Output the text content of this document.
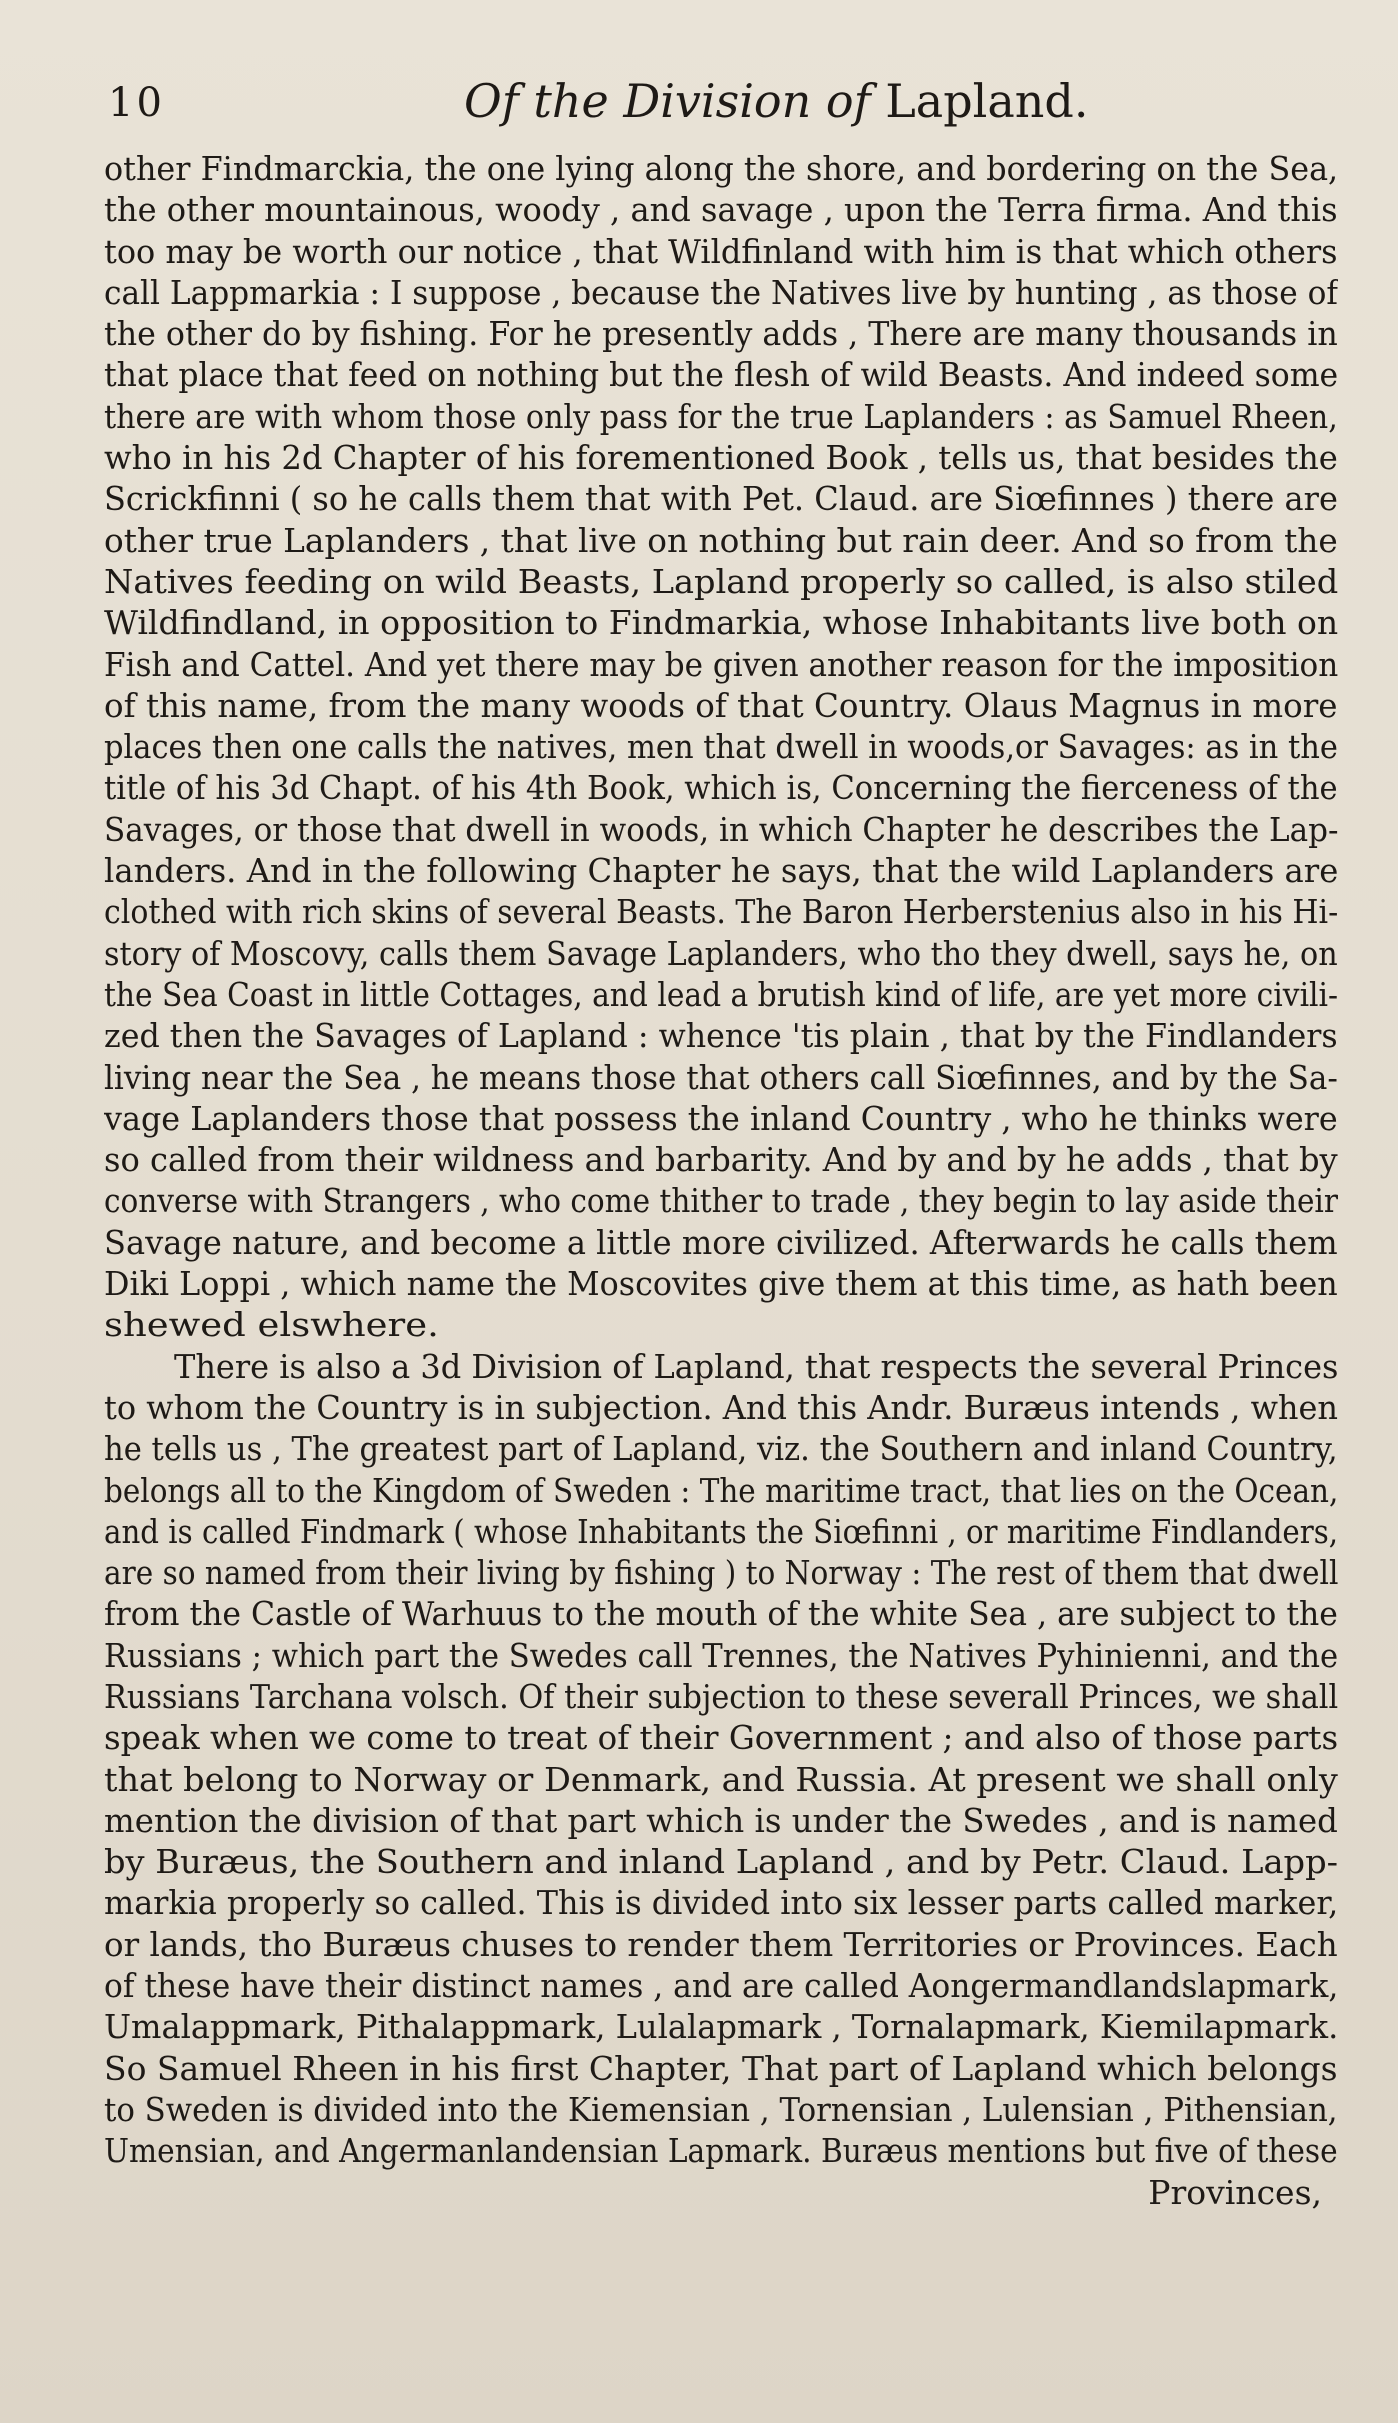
10	Of the Division of Lapland.
other Findmarckia, the one lying along the shore, and bordering on the Sea,
the other mountainous, woody , and savage , upon the Terra firma. And this
too may be worth our notice , that Wildfinland with him is that which others
call Lappmarkia : I suppose , because the Natives live by hunting , as those of
the other do by fishing. For he presently adds , There are many thousands in
that place that feed on nothing but the flesh of wild Beasts. And indeed some
there are with whom those only pass for the true Laplanders : as Samuel Rheen,
who in his 2d Chapter of his forementioned Book , tells us, that besides the
Scrickfinni ( so he calls them that with Pet. Claud. are Siœfinnes ) there are
other true Laplanders , that live on nothing but rain deer. And so from the
Natives feeding on wild Beasts, Lapland properly so called, is also stiled
Wildfindland, in opposition to Findmarkia, whose Inhabitants live both on
Fish and Cattel. And yet there may be given another reason for the imposition
of this name, from the many woods of that Country. Olaus Magnus in more
places then one calls the natives, men that dwell in woods,or Savages: as in the
title of his 3d Chapt. of his 4th Book, which is, Concerning the fierceness of the
Savages, or those that dwell in woods, in which Chapter he describes the Lap-
landers. And in the following Chapter he says, that the wild Laplanders are
clothed with rich skins of several Beasts. The Baron Herberstenius also in his Hi-
story of Moscovy, calls them Savage Laplanders, who tho they dwell, says he, on
the Sea Coast in little Cottages, and lead a brutish kind of life, are yet more civili-
zed then the Savages of Lapland : whence 'tis plain , that by the Findlanders
living near the Sea , he means those that others call Siœfinnes, and by the Sa-
vage Laplanders those that possess the inland Country , who he thinks were
so called from their wildness and barbarity. And by and by he adds , that by
converse with Strangers , who come thither to trade , they begin to lay aside their
Savage nature, and become a little more civilized. Afterwards he calls them
Diki Loppi , which name the Moscovites give them at this time, as hath been
shewed elswhere.
There is also a 3d Division of Lapland, that respects the several Princes
to whom the Country is in subjection. And this Andr. Buræus intends , when
he tells us , The greatest part of Lapland, viz. the Southern and inland Country,
belongs all to the Kingdom of Sweden : The maritime tract, that lies on the Ocean,
and is called Findmark ( whose Inhabitants the Siœfinni , or maritime Findlanders,
are so named from their living by fishing ) to Norway : The rest of them that dwell
from the Castle of Warhuus to the mouth of the white Sea , are subject to the
Russians ; which part the Swedes call Trennes, the Natives Pyhinienni, and the
Russians Tarchana volsch. Of their subjection to these severall Princes, we shall
speak when we come to treat of their Government ; and also of those parts
that belong to Norway or Denmark, and Russia. At present we shall only
mention the division of that part which is under the Swedes , and is named
by Buræus, the Southern and inland Lapland , and by Petr. Claud. Lapp-
markia properly so called. This is divided into six lesser parts called marker,
or lands, tho Buræus chuses to render them Territories or Provinces. Each
of these have their distinct names , and are called Aongermandlandslapmark,
Umalappmark, Pithalappmark, Lulalapmark , Tornalapmark, Kiemilapmark.
So Samuel Rheen in his first Chapter, That part of Lapland which belongs
to Sweden is divided into the Kiemensian , Tornensian , Lulensian , Pithensian,
Umensian, and Angermanlandensian Lapmark. Buræus mentions but five of these
Provinces,
